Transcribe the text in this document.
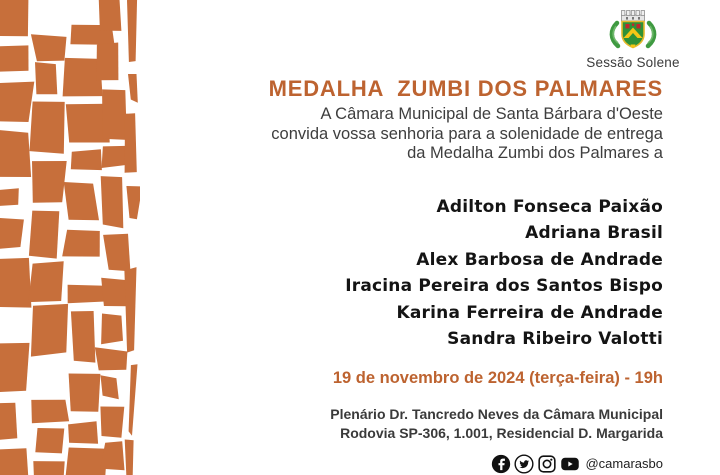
Sessão Solene
MEDALHA  ZUMBI DOS PALMARES
A Câmara Municipal de Santa Bárbara d'Oeste
convida vossa senhoria para a solenidade de entrega
da Medalha Zumbi dos Palmares a
Adilton Fonseca Paixão
Adriana Brasil
Alex Barbosa de Andrade
Iracina Pereira dos Santos Bispo
Karina Ferreira de Andrade
Sandra Ribeiro Valotti
19 de novembro de 2024 (terça-feira) - 19h
Plenário Dr. Tancredo Neves da Câmara Municipal
Rodovia SP-306, 1.001, Residencial D. Margarida
@camarasbo
